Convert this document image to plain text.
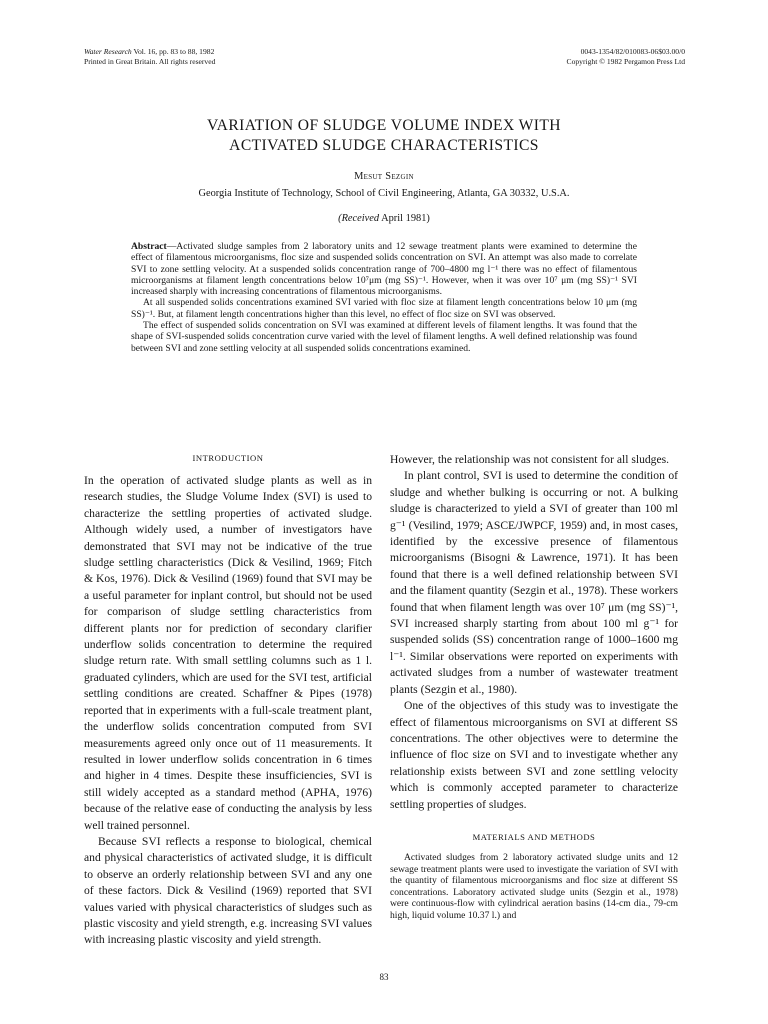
Water Research Vol. 16, pp. 83 to 88, 1982
Printed in Great Britain. All rights reserved
0043-1354/82/010083-06$03.00/0
Copyright © 1982 Pergamon Press Ltd
VARIATION OF SLUDGE VOLUME INDEX WITH
ACTIVATED SLUDGE CHARACTERISTICS
Mesut Sezgin
Georgia Institute of Technology, School of Civil Engineering, Atlanta, GA 30332, U.S.A.
(Received April 1981)

Abstract—Activated sludge samples from 2 laboratory units and 12 sewage treatment plants were examined to determine the effect of filamentous microorganisms, floc size and suspended solids concentration on SVI. An attempt was also made to correlate SVI to zone settling velocity. At a suspended solids concentration range of 700–4800 mg l⁻¹ there was no effect of filamentous microorganisms at filament length concentrations below 10⁷μm (mg SS)⁻¹. However, when it was over 10⁷ μm (mg SS)⁻¹ SVI increased sharply with increasing concentrations of filamentous microorganisms.

At all suspended solids concentrations examined SVI varied with floc size at filament length concentrations below 10 μm (mg SS)⁻¹. But, at filament length concentrations higher than this level, no effect of floc size on SVI was observed.

The effect of suspended solids concentration on SVI was examined at different levels of filament lengths. It was found that the shape of SVI-suspended solids concentration curve varied with the level of filament lengths. A well defined relationship was found between SVI and zone settling velocity at all suspended solids concentrations examined.

INTRODUCTION

In the operation of activated sludge plants as well as in research studies, the Sludge Volume Index (SVI) is used to characterize the settling properties of activated sludge. Although widely used, a number of investigators have demonstrated that SVI may not be indicative of the true sludge settling characteristics (Dick & Vesilind, 1969; Fitch & Kos, 1976). Dick & Vesilind (1969) found that SVI may be a useful parameter for inplant control, but should not be used for comparison of sludge settling characteristics from different plants nor for prediction of secondary clarifier underflow solids concentration to determine the required sludge return rate. With small settling columns such as 1 l. graduated cylinders, which are used for the SVI test, artificial settling conditions are created. Schaffner & Pipes (1978) reported that in experiments with a full-scale treatment plant, the underflow solids concentration computed from SVI measurements agreed only once out of 11 measurements. It resulted in lower underflow solids concentration in 6 times and higher in 4 times. Despite these insufficiencies, SVI is still widely accepted as a standard method (APHA, 1976) because of the relative ease of conducting the analysis by less well trained personnel.

Because SVI reflects a response to biological, chemical and physical characteristics of activated sludge, it is difficult to observe an orderly relationship between SVI and any one of these factors. Dick & Vesilind (1969) reported that SVI values varied with physical characteristics of sludges such as plastic viscosity and yield strength, e.g. increasing SVI values with increasing plastic viscosity and yield strength.

However, the relationship was not consistent for all sludges.

In plant control, SVI is used to determine the condition of sludge and whether bulking is occurring or not. A bulking sludge is characterized to yield a SVI of greater than 100 ml g⁻¹ (Vesilind, 1979; ASCE/JWPCF, 1959) and, in most cases, identified by the excessive presence of filamentous microorganisms (Bisogni & Lawrence, 1971). It has been found that there is a well defined relationship between SVI and the filament quantity (Sezgin et al., 1978). These workers found that when filament length was over 10⁷ μm (mg SS)⁻¹, SVI increased sharply starting from about 100 ml g⁻¹ for suspended solids (SS) concentration range of 1000–1600 mg l⁻¹. Similar observations were reported on experiments with activated sludges from a number of wastewater treatment plants (Sezgin et al., 1980).

One of the objectives of this study was to investigate the effect of filamentous microorganisms on SVI at different SS concentrations. The other objectives were to determine the influence of floc size on SVI and to investigate whether any relationship exists between SVI and zone settling velocity which is commonly accepted parameter to characterize settling properties of sludges.

MATERIALS AND METHODS

Activated sludges from 2 laboratory activated sludge units and 12 sewage treatment plants were used to investigate the variation of SVI with the quantity of filamentous microorganisms and floc size at different SS concentrations. Laboratory activated sludge units (Sezgin et al., 1978) were continuous-flow with cylindrical aeration basins (14-cm dia., 79-cm high, liquid volume 10.37 l.) and

83
